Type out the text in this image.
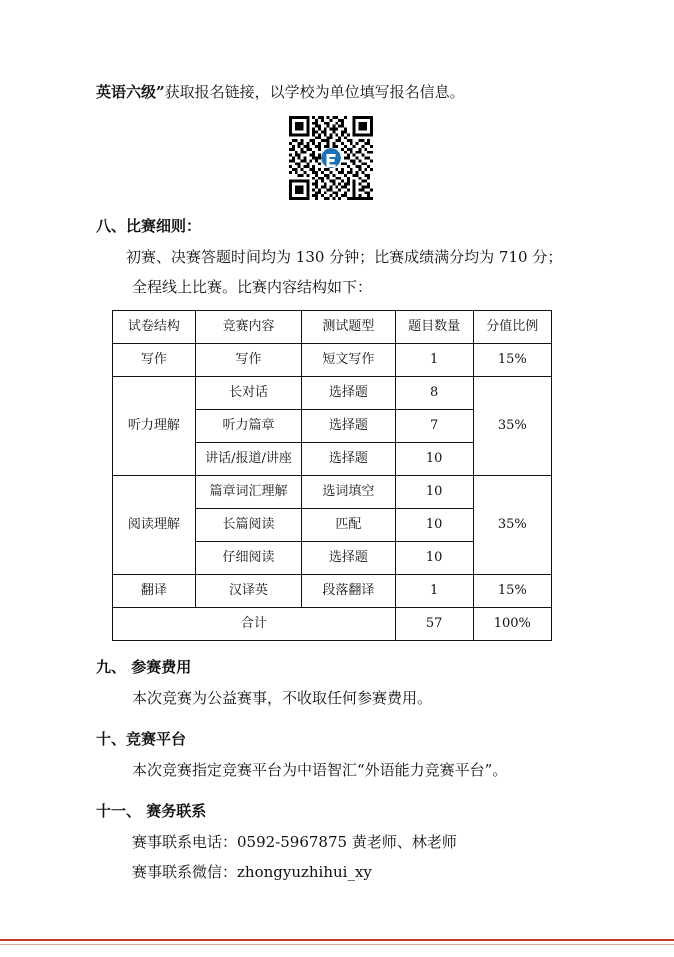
英语六级”获取报名链接，以学校为单位填写报名信息。

八、比赛细则：

初赛、决赛答题时间均为 130 分钟；比赛成绩满分均为 710 分；

全程线上比赛。比赛内容结构如下：

试卷结构	竞赛内容	测试题型	题目数量	分值比例
写作	写作	短文写作	1	15%
听力理解	长对话	选择题	8	35%
	听力篇章	选择题	7	
	讲话/报道/讲座	选择题	10	
阅读理解	篇章词汇理解	选词填空	10	35%
	长篇阅读	匹配	10	
	仔细阅读	选择题	10	
翻译	汉译英	段落翻译	1	15%
合计			57	100%
九、 参赛费用

本次竞赛为公益赛事，不收取任何参赛费用。

十、竞赛平台

本次竞赛指定竞赛平台为中语智汇“外语能力竞赛平台”。

十一、 赛务联系

赛事联系电话：0592-5967875 黄老师、林老师

赛事联系微信：zhongyuzhihui_xy
